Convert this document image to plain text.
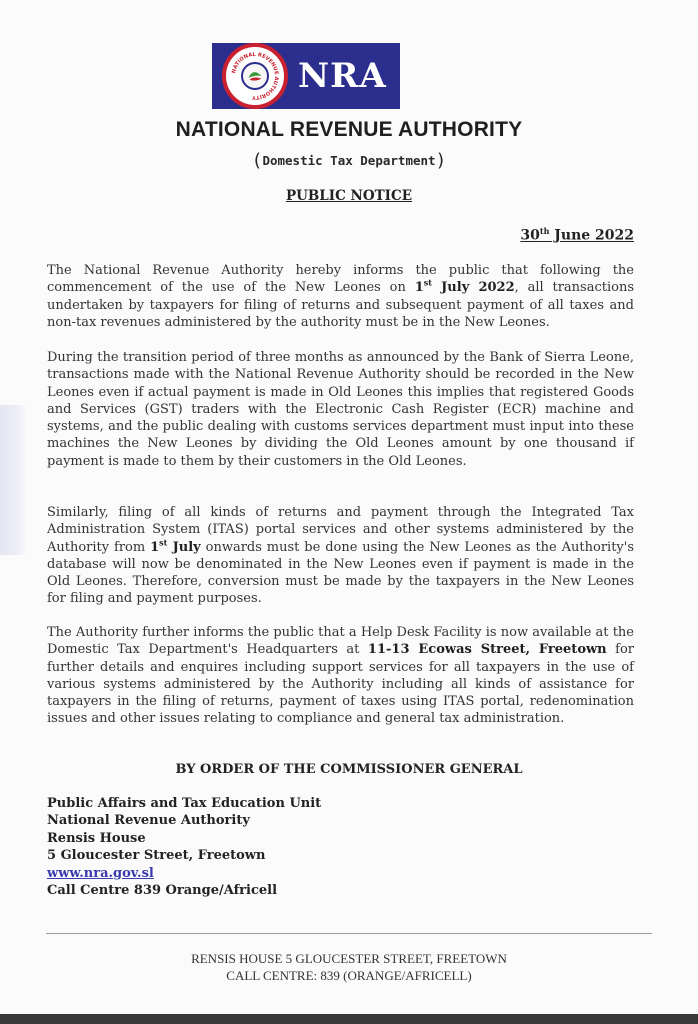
NATIONAL REVENUE AUTHORITY
NRA
NATIONAL REVENUE AUTHORITY
(Domestic Tax Department)
PUBLIC NOTICE
30th June 2022
The National Revenue Authority hereby informs the public that following the commencement of the use of the New Leones on 1st July 2022, all transactions undertaken by taxpayers for filing of returns and subsequent payment of all taxes and non-tax revenues administered by the authority must be in the New Leones.
During the transition period of three months as announced by the Bank of Sierra Leone, transactions made with the National Revenue Authority should be recorded in the New Leones even if actual payment is made in Old Leones this implies that registered Goods and Services (GST) traders with the Electronic Cash Register (ECR) machine and systems, and the public dealing with customs services department must input into these machines the New Leones by dividing the Old Leones amount by one thousand if payment is made to them by their customers in the Old Leones.
Similarly, filing of all kinds of returns and payment through the Integrated Tax Administration System (ITAS) portal services and other systems administered by the Authority from 1st July onwards must be done using the New Leones as the Authority's database will now be denominated in the New Leones even if payment is made in the Old Leones. Therefore, conversion must be made by the taxpayers in the New Leones for filing and payment purposes.
The Authority further informs the public that a Help Desk Facility is now available at the Domestic Tax Department's Headquarters at 11-13 Ecowas Street, Freetown for further details and enquires including support services for all taxpayers in the use of various systems administered by the Authority including all kinds of assistance for taxpayers in the filing of returns, payment of taxes using ITAS portal, redenomination issues and other issues relating to compliance and general tax administration.
BY ORDER OF THE COMMISSIONER GENERAL
Public Affairs and Tax Education Unit
National Revenue Authority
Rensis House
5 Gloucester Street, Freetown
www.nra.gov.sl
Call Centre 839 Orange/Africell
RENSIS HOUSE 5 GLOUCESTER STREET, FREETOWN
CALL CENTRE: 839 (ORANGE/AFRICELL)
